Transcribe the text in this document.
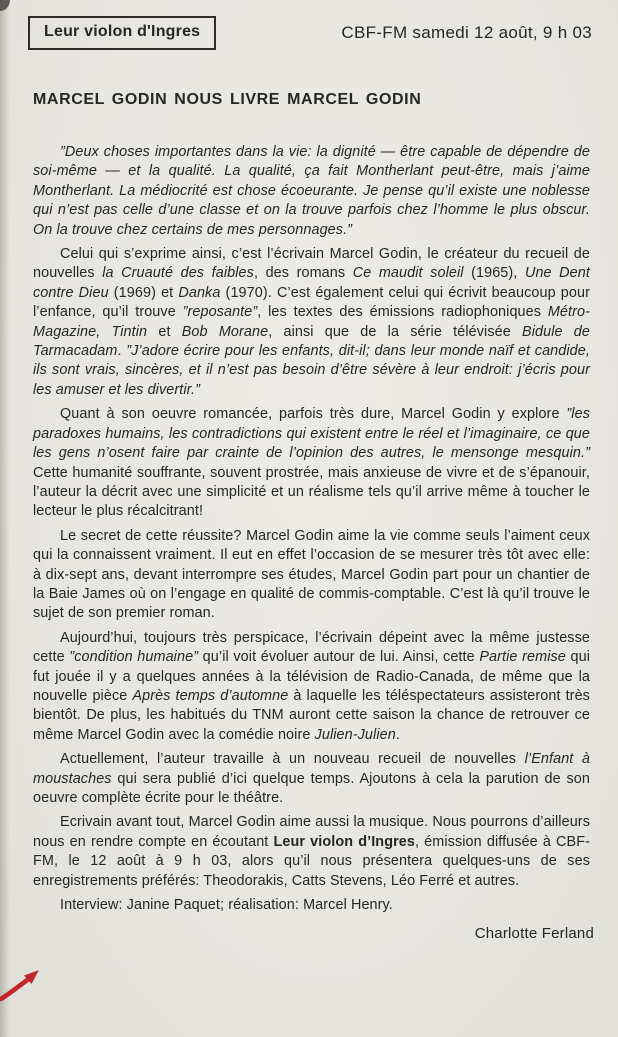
Leur violon d'Ingres	CBF-FM samedi 12 août, 9 h 03
MARCEL GODIN NOUS LIVRE MARCEL GODIN

”Deux choses importantes dans la vie: la dignité — être capable de dépendre de soi-même — et la qualité. La qualité, ça fait Montherlant peut-être, mais j’aime Montherlant. La médiocrité est chose écoeurante. Je pense qu’il existe une noblesse qui n’est pas celle d’une classe et on la trouve parfois chez l’homme le plus obscur. On la trouve chez certains de mes personnages.”

Celui qui s’exprime ainsi, c’est l’écrivain Marcel Godin, le créateur du recueil de nouvelles la Cruauté des faibles, des romans Ce maudit soleil (1965), Une Dent contre Dieu (1969) et Danka (1970). C’est également celui qui écrivit beaucoup pour l’enfance, qu’il trouve ”reposante”, les textes des émissions radiophoniques Métro-Magazine, Tintin et Bob Morane, ainsi que de la série télévisée Bidule de Tarmacadam. ”J’adore écrire pour les enfants, dit-il; dans leur monde naïf et candide, ils sont vrais, sincères, et il n’est pas besoin d’être sévère à leur endroit: j’écris pour les amuser et les divertir.”

Quant à son oeuvre romancée, parfois très dure, Marcel Godin y explore ”les paradoxes humains, les contradictions qui existent entre le réel et l’imaginaire, ce que les gens n’osent faire par crainte de l’opinion des autres, le mensonge mesquin.” Cette humanité souffrante, souvent prostrée, mais anxieuse de vivre et de s’épanouir, l’auteur la décrit avec une simplicité et un réalisme tels qu’il arrive même à toucher le lecteur le plus récalcitrant!

Le secret de cette réussite? Marcel Godin aime la vie comme seuls l’aiment ceux qui la connaissent vraiment. Il eut en effet l’occasion de se mesurer très tôt avec elle: à dix-sept ans, devant interrompre ses études, Marcel Godin part pour un chantier de la Baie James où on l’engage en qualité de commis-comptable. C’est là qu’il trouve le sujet de son premier roman.

Aujourd’hui, toujours très perspicace, l’écrivain dépeint avec la même justesse cette ”condition humaine” qu’il voit évoluer autour de lui. Ainsi, cette Partie remise qui fut jouée il y a quelques années à la télévision de Radio-Canada, de même que la nouvelle pièce Après temps d’automne à laquelle les téléspectateurs assisteront très bientôt. De plus, les habitués du TNM auront cette saison la chance de retrouver ce même Marcel Godin avec la comédie noire Julien-Julien.

Actuellement, l’auteur travaille à un nouveau recueil de nouvelles l’Enfant à moustaches qui sera publié d’ici quelque temps. Ajoutons à cela la parution de son oeuvre complète écrite pour le théâtre.

Ecrivain avant tout, Marcel Godin aime aussi la musique. Nous pourrons d’ailleurs nous en rendre compte en écoutant Leur violon d’Ingres, émission diffusée à CBF-FM, le 12 août à 9 h 03, alors qu’il nous présentera quelques-uns de ses enregistrements préférés: Theodorakis, Catts Stevens, Léo Ferré et autres.

Interview: Janine Paquet; réalisation: Marcel Henry.

Charlotte Ferland
